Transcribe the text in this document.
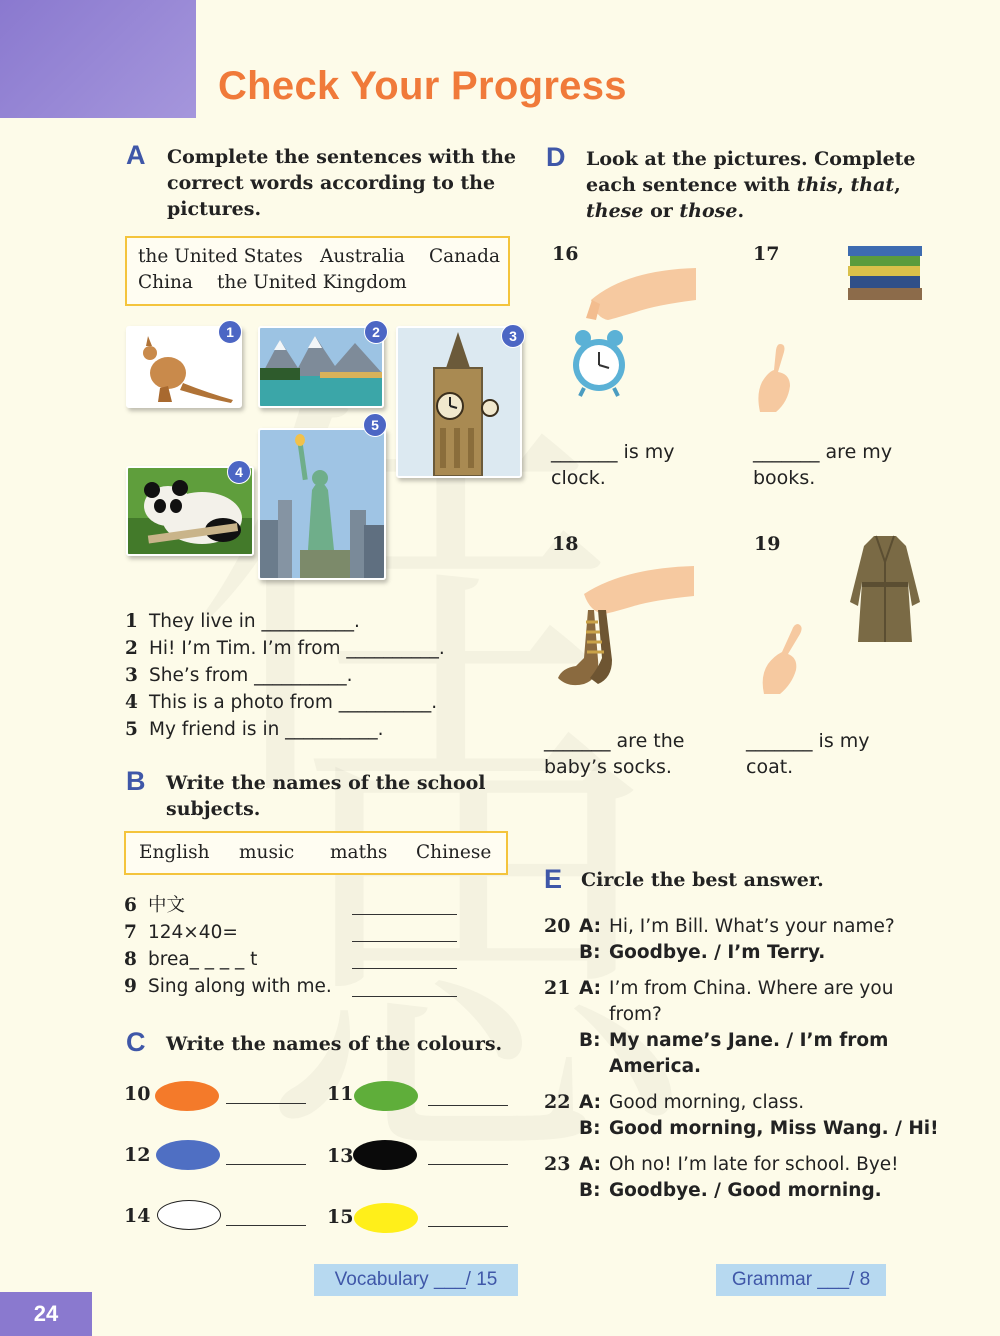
Check Your Progress
A Complete the sentences with the
correct words according to the
pictures.
the United States Australia Canada
China the United Kingdom
1	2	3
4
5
1 They live in __________.
2 Hi! I’m Tim. I’m from __________.
3 She’s from __________.
4 This is a photo from __________.
5 My friend is in __________.
B Write the names of the school
subjects.
English music maths Chinese
6 中文
7 124×40=
8 brea_ _ _ _ t
9 Sing along with me.
C Write the names of the colours.
10	11
12	13
14	15
Vocabulary ___/ 15
D Look at the pictures. Complete
each sentence with this, that,
these or those.
16
_______ is my
clock.
17
_______ are my
books.
18
_______ are the
baby’s socks.
19
_______ is my
coat.
E Circle the best answer.
20 A: Hi, I’m Bill. What’s your name?
B: Goodbye. / I’m Terry.
21 A: I’m from China. Where are you
from?
B: My name’s Jane. / I’m from
America.
22 A: Good morning, class.
B: Good morning, Miss Wang. / Hi!
23 A: Oh no! I’m late for school. Bye!
B: Goodbye. / Good morning.
Grammar ___/ 8
24
